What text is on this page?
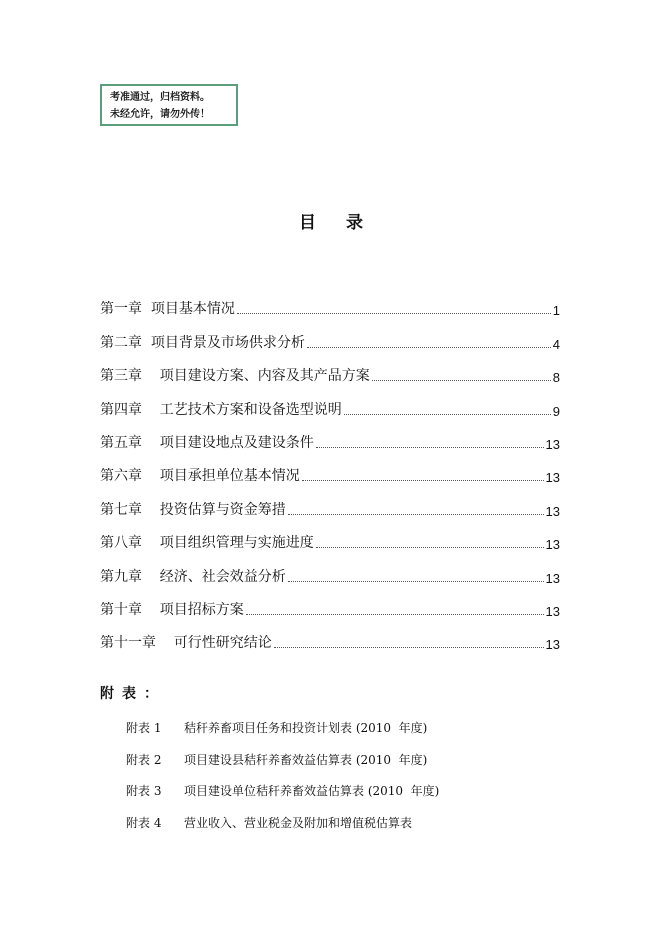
考准通过，归档资料。
未经允许，请勿外传！
目录
第一章  项目基本情况	1
第二章  项目背景及市场供求分析	4
第三章    项目建设方案、内容及其产品方案	8
第四章    工艺技术方案和设备选型说明	9
第五章    项目建设地点及建设条件	13
第六章    项目承担单位基本情况	13
第七章    投资估算与资金筹措	13
第八章    项目组织管理与实施进度	13
第九章    经济、社会效益分析	13
第十章    项目招标方案	13
第十一章    可行性研究结论	13
附表：
附表 1 秸秆养畜项目任务和投资计划表 (2010  年度)
附表 2 项目建设县秸秆养畜效益估算表 (2010  年度)
附表 3 项目建设单位秸秆养畜效益估算表 (2010  年度)
附表 4 营业收入、营业税金及附加和增值税估算表
